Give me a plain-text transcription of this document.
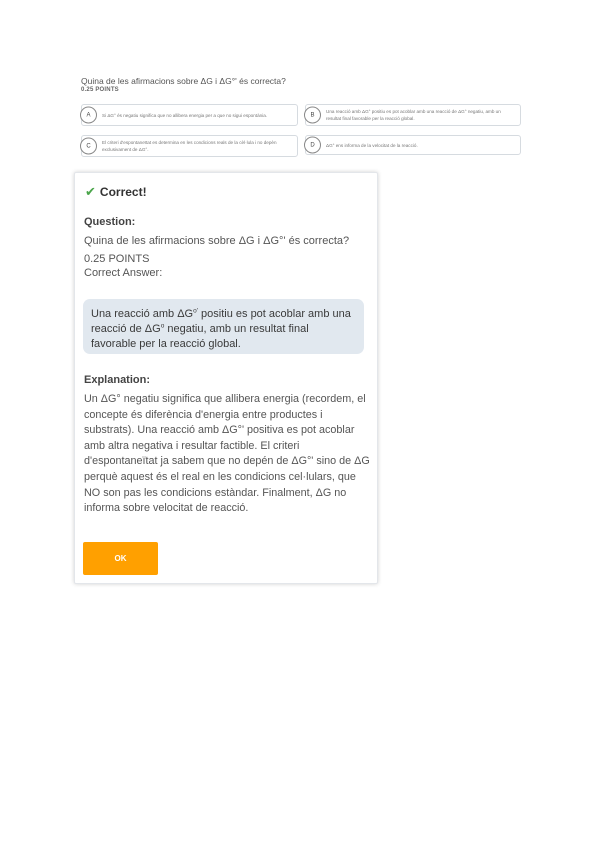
Quina de les afirmacions sobre ΔG i ΔG°' és correcta?
0.25 POINTS
A	Si ΔG° és negatiu significa que no allibera energia per a que no sigui espontània.	B
Una reacció amb ΔG° positiu es pot acoblar amb una reacció de ΔG° negatiu, amb un resultat final favorable per la reacció global.
C
El criteri d'espontaneïtat es determina en les condicions reals de la cèl·lula i no depèn exclusivament de ΔG°.
D	ΔG° ens informa de la velocitat de la reacció.
✔ Correct!
Question:
Quina de les afirmacions sobre ΔG i ΔG°' és correcta?
0.25 POINTS
Correct Answer:
Una reacció amb $\Delta G^{o'}$ positiu es pot acoblar amb una reacció de $\Delta G^o$ negatiu, amb un resultat final favorable per la reacció global.
Explanation:
Un ΔG° negatiu significa que allibera energia (recordem, el concepte és diferència d'energia entre productes i substrats). Una reacció amb ΔG°' positiva es pot acoblar amb altra negativa i resultar factible. El criteri d'espontaneïtat ja sabem que no depén de ΔG°' sino de ΔG perquè aquest és el real en les condicions cel·lulars, que NO son pas les condicions estàndar. Finalment, ΔG no informa sobre velocitat de reacció.
OK
